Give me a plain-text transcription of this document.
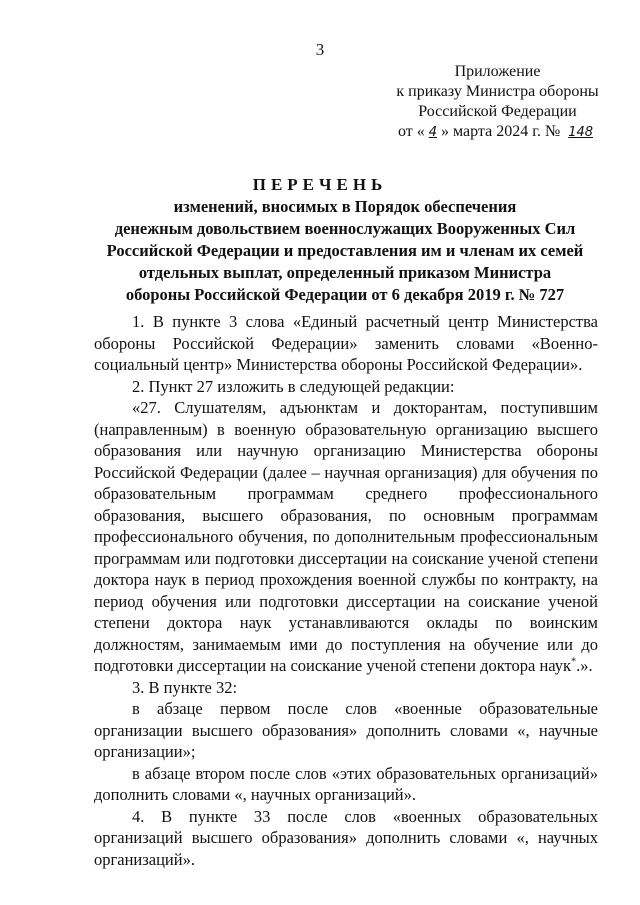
3
Приложение
к приказу Министра обороны
Российской Федерации
от « 4 » марта 2024 г. № 148
ПЕРЕЧЕНЬ
изменений, вносимых в Порядок обеспечения
денежным довольствием военнослужащих Вооруженных Сил
Российской Федерации и предоставления им и членам их семей
отдельных выплат, определенный приказом Министра
обороны Российской Федерации от 6 декабря 2019 г. № 727

1. В пункте 3 слова «Единый расчетный центр Министерства обороны Российской Федерации» заменить словами «Военно-социальный центр» Министерства обороны Российской Федерации».

2. Пункт 27 изложить в следующей редакции:

«27. Слушателям, адъюнктам и докторантам, поступившим (направленным) в военную образовательную организацию высшего образования или научную организацию Министерства обороны Российской Федерации (далее – научная организация) для обучения по образовательным программам среднего профессионального образования, высшего образования, по основным программам профессионального обучения, по дополнительным профессиональным программам или подготовки диссертации на соискание ученой степени доктора наук в период прохождения военной службы по контракту, на период обучения или подготовки диссертации на соискание ученой степени доктора наук устанавливаются оклады по воинским должностям, занимаемым ими до поступления на обучение или до подготовки диссертации на соискание ученой степени доктора наук*.».

3. В пункте 32:

в абзаце первом после слов «военные образовательные организации высшего образования» дополнить словами «, научные организации»;

в абзаце втором после слов «этих образовательных организаций» дополнить словами «, научных организаций».

4. В пункте 33 после слов «военных образовательных организаций высшего образования» дополнить словами «, научных организаций».
